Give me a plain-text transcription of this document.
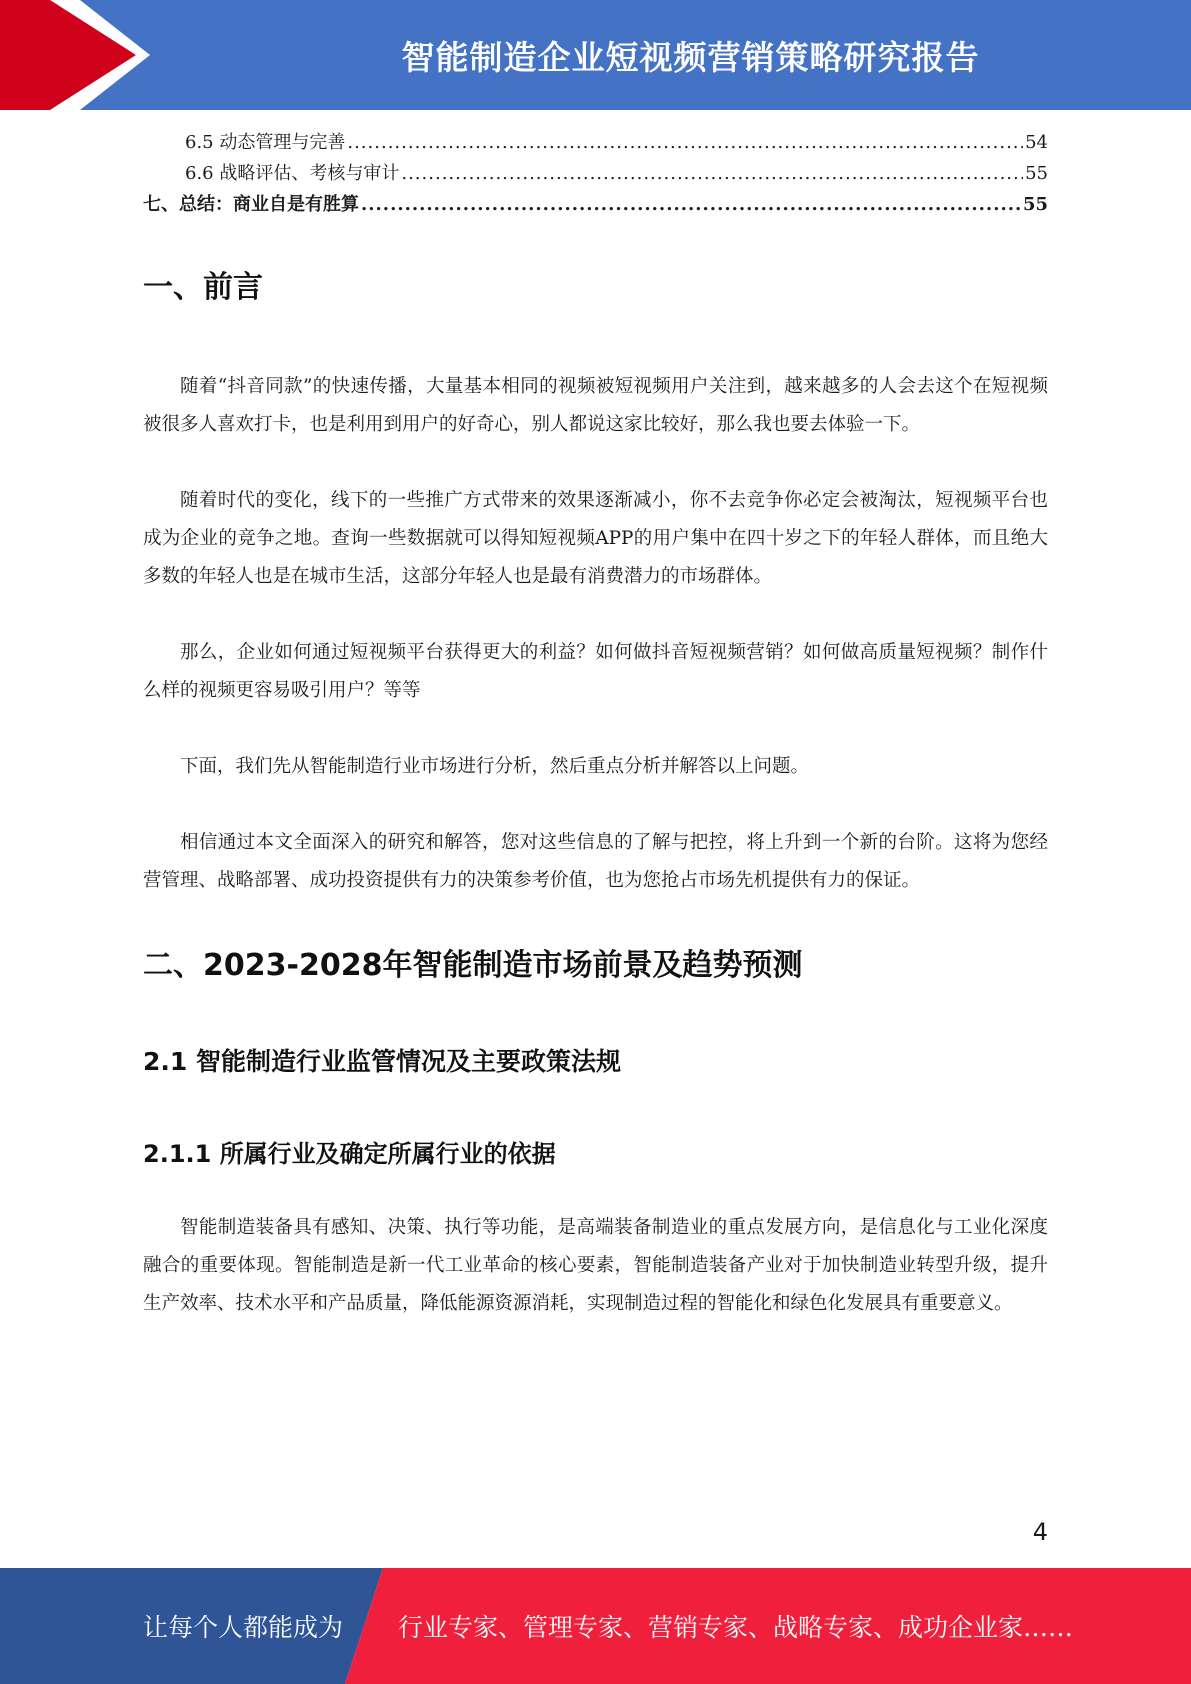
智能制造企业短视频营销策略研究报告
6.5 动态管理与完善 .....	54
6.6 战略评估、考核与审计 .....	55
七、总结：商业自是有胜算 .....	55
一、前言

随着“抖音同款”的快速传播，大量基本相同的视频被短视频用户关注到，越来越多的人会去这个在短视频被很多人喜欢打卡，也是利用到用户的好奇心，别人都说这家比较好，那么我也要去体验一下。

随着时代的变化，线下的一些推广方式带来的效果逐渐减小，你不去竞争你必定会被淘汰，短视频平台也成为企业的竞争之地。查询一些数据就可以得知短视频APP的用户集中在四十岁之下的年轻人群体，而且绝大多数的年轻人也是在城市生活，这部分年轻人也是最有消费潜力的市场群体。

那么，企业如何通过短视频平台获得更大的利益？如何做抖音短视频营销？如何做高质量短视频？制作什么样的视频更容易吸引用户？等等

下面，我们先从智能制造行业市场进行分析，然后重点分析并解答以上问题。

相信通过本文全面深入的研究和解答，您对这些信息的了解与把控，将上升到一个新的台阶。这将为您经营管理、战略部署、成功投资提供有力的决策参考价值，也为您抢占市场先机提供有力的保证。

二、2023-2028年智能制造市场前景及趋势预测
2.1 智能制造行业监管情况及主要政策法规
2.1.1 所属行业及确定所属行业的依据

智能制造装备具有感知、决策、执行等功能，是高端装备制造业的重点发展方向，是信息化与工业化深度融合的重要体现。智能制造是新一代工业革命的核心要素，智能制造装备产业对于加快制造业转型升级，提升生产效率、技术水平和产品质量，降低能源资源消耗，实现制造过程的智能化和绿色化发展具有重要意义。

4
让每个人都能成为 行业专家、管理专家、营销专家、战略专家、成功企业家……
